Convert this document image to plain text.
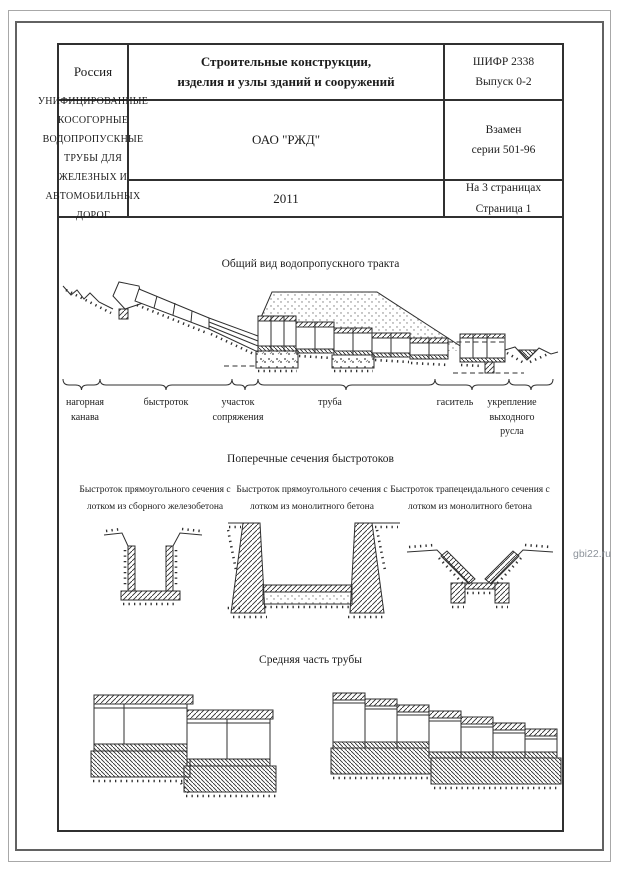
Россия
Строительные конструкции,
изделия и узлы зданий и сооружений
ШИФР 2338
Выпуск 0-2
ОАО "РЖД"
УНИФИЦИРОВАННЫЕ КОСОГОРНЫЕ ВОДОПРОПУСКНЫЕ ТРУБЫ ДЛЯ
ЖЕЛЕЗНЫХ И АВТОМОБИЛЬНЫХ ДОРОГ
Взамен
серии 501-96
2011
На 3 страницах
Страница 1
Общий вид водопропускного тракта
нагорная
канава
быстроток	участок
сопряжения
труба	гаситель укрепление
выходного
русла
Поперечные сечения быстротоков
Быстроток прямоугольного сечения с
лотком из сборного железобетона
Быстроток прямоугольного сечения с
лотком из монолитного бетона
Быстроток трапецеидального сечения с
лотком из монолитного бетона
Средняя часть трубы
gbi22.ru
